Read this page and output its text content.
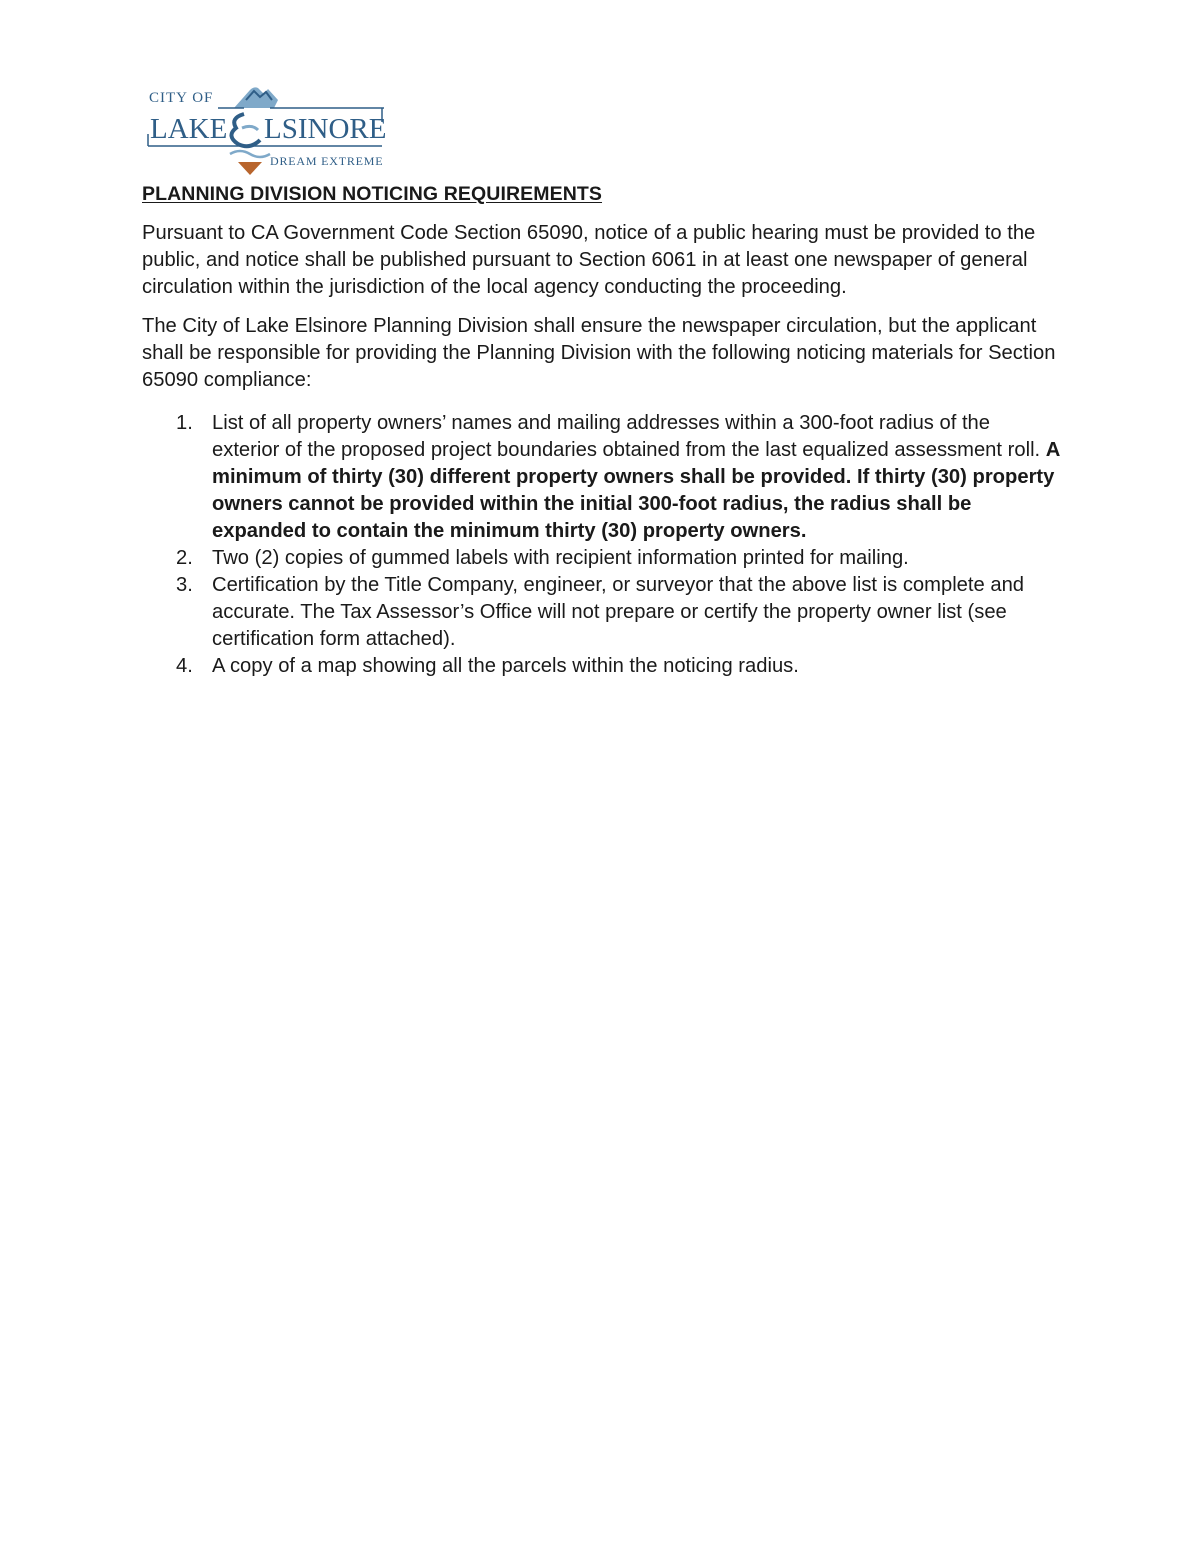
CITY OF
LAKE LSINORE
DREAM EXTREME
PLANNING DIVISION NOTICING REQUIREMENTS

Pursuant to CA Government Code Section 65090, notice of a public hearing must be provided to the public, and notice shall be published pursuant to Section 6061 in at least one newspaper of general circulation within the jurisdiction of the local agency conducting the proceeding.

The City of Lake Elsinore Planning Division shall ensure the newspaper circulation, but the applicant shall be responsible for providing the Planning Division with the following noticing materials for Section 65090 compliance:

1. List of all property owners’ names and mailing addresses within a 300-foot radius of the exterior of the proposed project boundaries obtained from the last equalized assessment roll. A minimum of thirty (30) different property owners shall be provided. If thirty (30) property owners cannot be provided within the initial 300-foot radius, the radius shall be expanded to contain the minimum thirty (30) property owners.
2. Two (2) copies of gummed labels with recipient information printed for mailing.
3. Certification by the Title Company, engineer, or surveyor that the above list is complete and accurate. The Tax Assessor’s Office will not prepare or certify the property owner list (see certification form attached).
4. A copy of a map showing all the parcels within the noticing radius.
